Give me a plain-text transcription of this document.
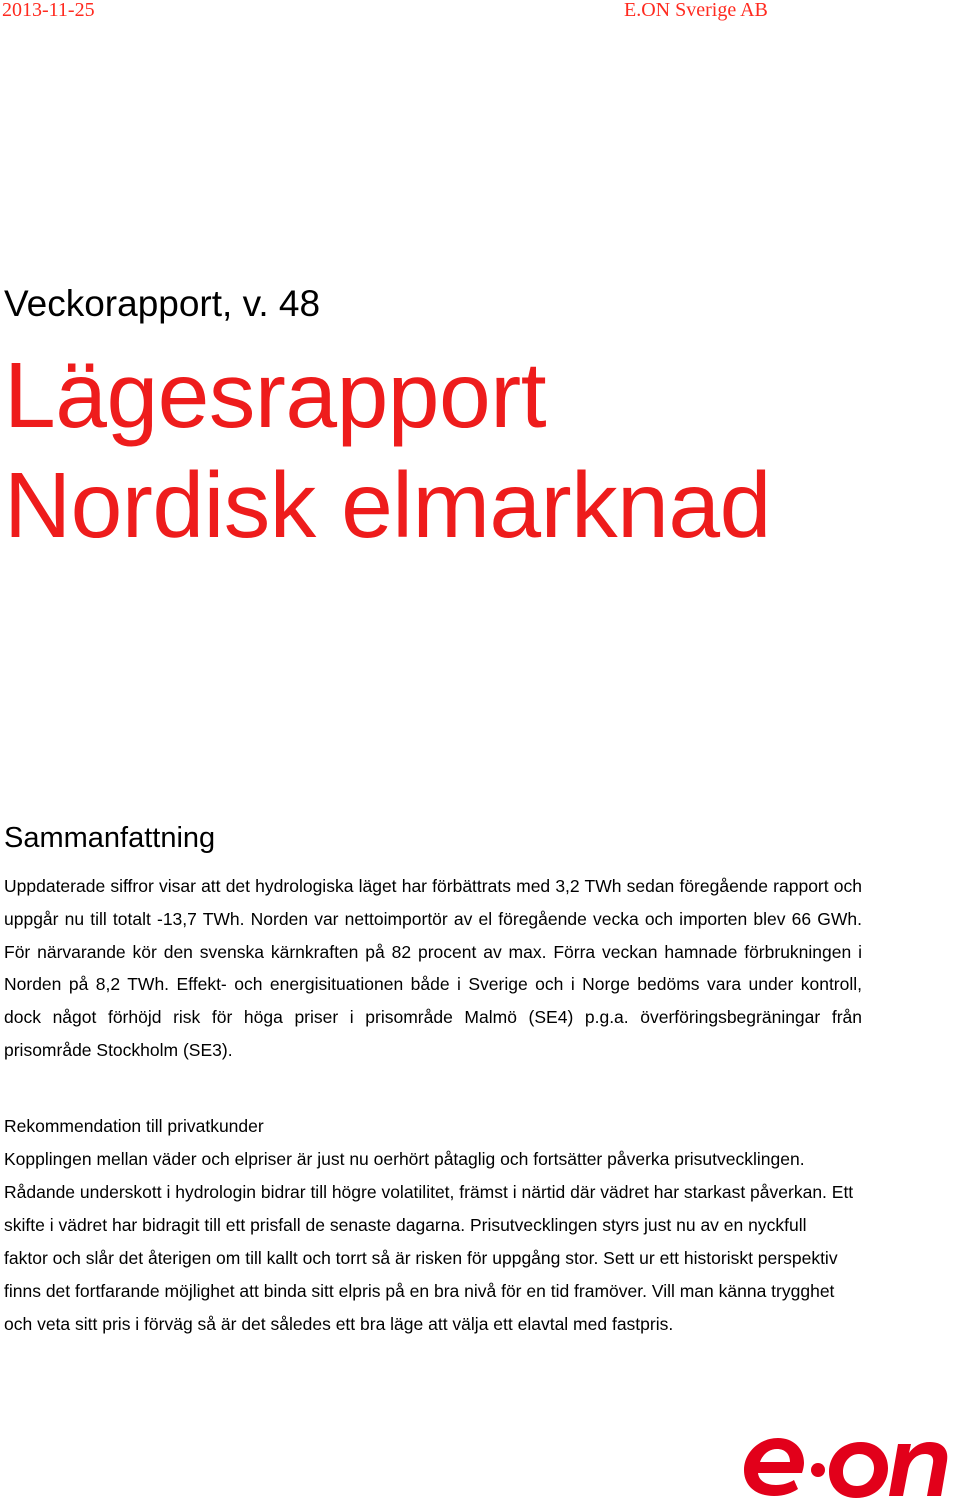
2013-11-25	E.ON Sverige AB
Veckorapport, v. 48
Lägesrapport
Nordisk elmarknad
Sammanfattning

Uppdaterade siffror visar att det hydrologiska läget har förbättrats med 3,2 TWh sedan föregående rapport och uppgår nu till totalt -13,7 TWh. Norden var nettoimportör av el föregående vecka och importen blev 66 GWh. För närvarande kör den svenska kärnkraften på 82 procent av max. Förra veckan hamnade förbrukningen i Norden på 8,2 TWh. Effekt- och energisituationen både i Sverige och i Norge bedöms vara under kontroll, dock något förhöjd risk för höga priser i prisområde Malmö (SE4) p.g.a. överföringsbegräningar från prisområde Stockholm (SE3).

Rekommendation till privatkunder

Kopplingen mellan väder och elpriser är just nu oerhört påtaglig och fortsätter påverka prisutvecklingen. Rådande underskott i hydrologin bidrar till högre volatilitet, främst i närtid där vädret har starkast påverkan. Ett skifte i vädret har bidragit till ett prisfall de senaste dagarna. Prisutvecklingen styrs just nu av en nyckfull faktor och slår det återigen om till kallt och torrt så är risken för uppgång stor. Sett ur ett historiskt perspektiv finns det fortfarande möjlighet att binda sitt elpris på en bra nivå för en tid framöver. Vill man känna trygghet och veta sitt pris i förväg så är det således ett bra läge att välja ett elavtal med fastpris.
